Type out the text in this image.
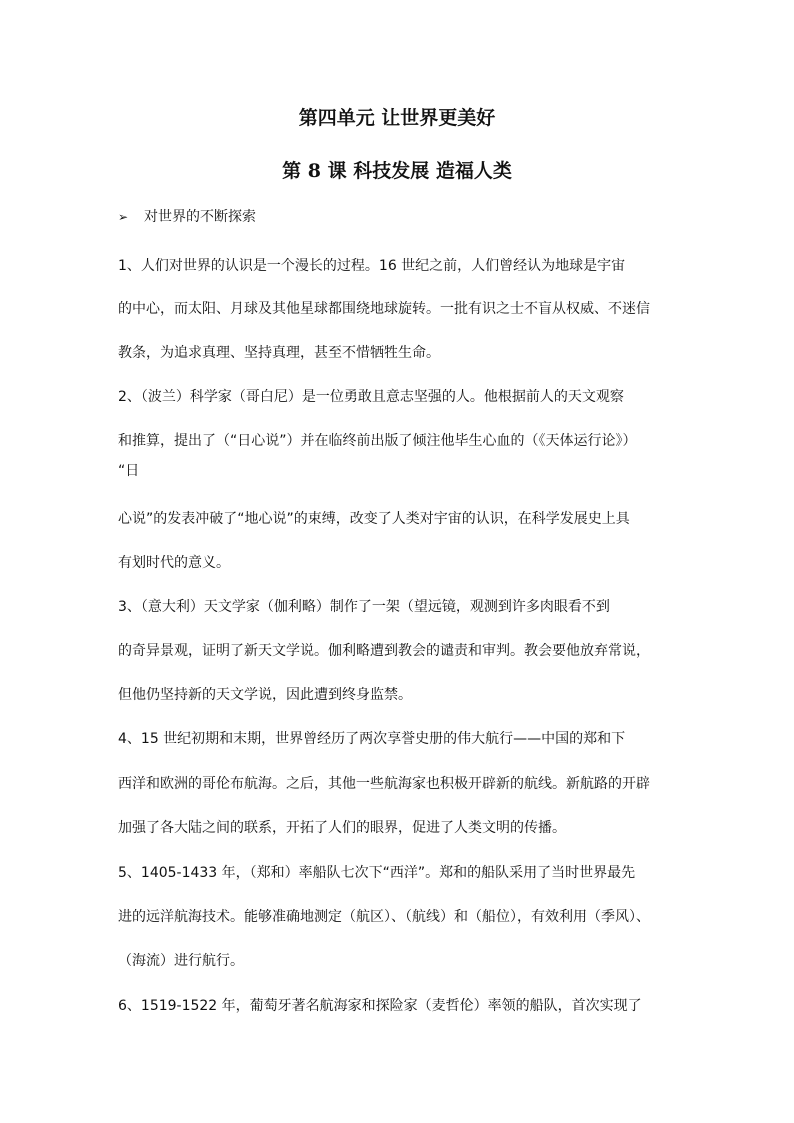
第四单元 让世界更美好
第 8 课 科技发展 造福人类
➢ 对世界的不断探索
1、人们对世界的认识是一个漫长的过程。16 世纪之前，人们曾经认为地球是宇宙
的中心，而太阳、月球及其他星球都围绕地球旋转。一批有识之士不盲从权威、不迷信
教条，为追求真理、坚持真理，甚至不惜牺牲生命。
2、（波兰）科学家（哥白尼）是一位勇敢且意志坚强的人。他根据前人的天文观察
和推算，提出了（“日心说”）并在临终前出版了倾注他毕生心血的（《天体运行论》）
“日
心说”的发表冲破了“地心说”的束缚，改变了人类对宇宙的认识，在科学发展史上具
有划时代的意义。
3、（意大利）天文学家（伽利略）制作了一架（望远镜，观测到许多肉眼看不到
的奇异景观，证明了新天文学说。伽利略遭到教会的谴责和审判。教会要他放弃常说，
但他仍坚持新的天文学说，因此遭到终身监禁。
4、15 世纪初期和末期，世界曾经历了两次享誉史册的伟大航行——中国的郑和下
西洋和欧洲的哥伦布航海。之后，其他一些航海家也积极开辟新的航线。新航路的开辟
加强了各大陆之间的联系，开拓了人们的眼界，促进了人类文明的传播。
5、1405-1433 年，（郑和）率船队七次下“西洋”。郑和的船队采用了当时世界最先
进的远洋航海技术。能够准确地测定（航区）、（航线）和（船位），有效利用（季风）、
（海流）进行航行。
6、1519-1522 年，葡萄牙著名航海家和探险家（麦哲伦）率领的船队，首次实现了
